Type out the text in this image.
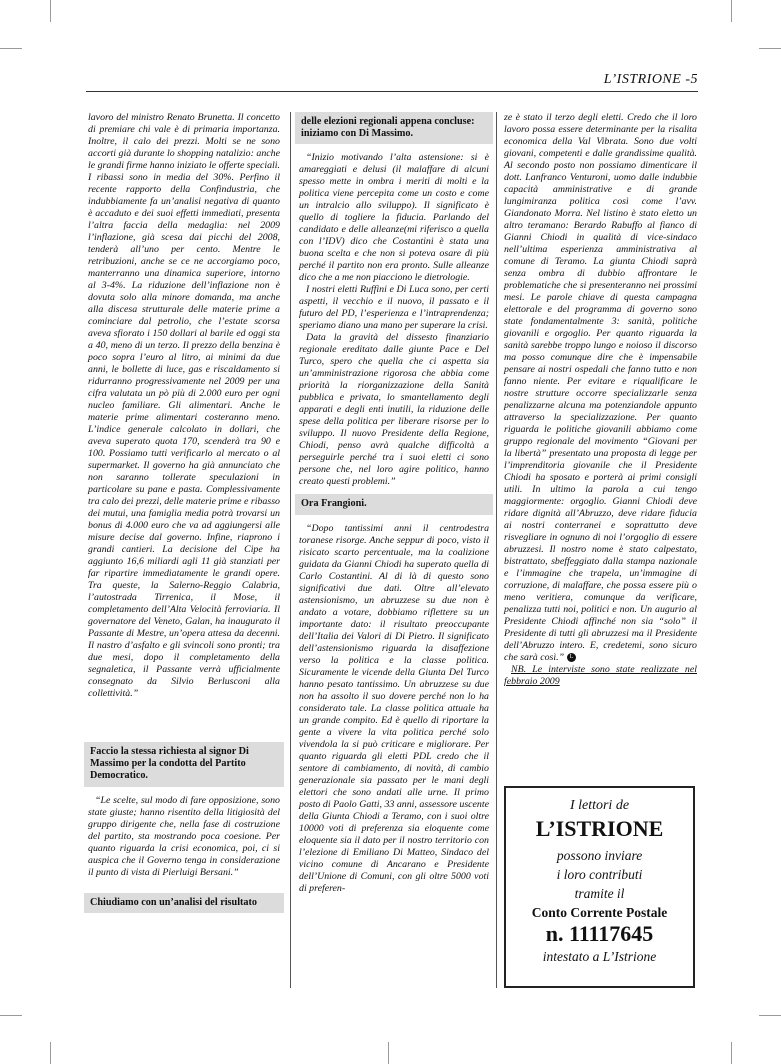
L’ISTRIONE -5

lavoro del ministro Renato Brunetta. Il concetto di premiare chi vale è di primaria importanza. Inoltre, il calo dei prezzi. Molti se ne sono accorti già durante lo shopping natalizio: anche le grandi firme hanno iniziato le offerte speciali. I ribassi sono in media del 30%. Perfino il recente rapporto della Confindustria, che indubbiamente fa un’analisi negativa di quanto è accaduto e dei suoi effetti immediati, presenta l’altra faccia della medaglia: nel 2009 l’inflazione, già scesa dai picchi del 2008, tenderà all’uno per cento. Mentre le retribuzioni, anche se ce ne accorgiamo poco, manterranno una dinamica superiore, intorno al 3-4%. La riduzione dell’inflazione non è dovuta solo alla minore domanda, ma anche alla discesa strutturale delle materie prime a cominciare dal petrolio, che l’estate scorsa aveva sfiorato i 150 dollari al barile ed oggi sta a 40, meno di un terzo. Il prezzo della benzina è poco sopra l’euro al litro, ai minimi da due anni, le bollette di luce, gas e riscaldamento si ridurranno progressivamente nel 2009 per una cifra valutata un pò più di 2.000 euro per ogni nucleo familiare. Gli alimentari. Anche le materie prime alimentari costeranno meno. L’indice generale calcolato in dollari, che aveva superato quota 170, scenderà tra 90 e 100. Possiamo tutti verificarlo al mercato o al supermarket. Il governo ha già annunciato che non saranno tollerate speculazioni in particolare su pane e pasta. Complessivamente tra calo dei prezzi, delle materie prime e ribasso dei mutui, una famiglia media potrà trovarsi un bonus di 4.000 euro che va ad aggiungersi alle misure decise dal governo. Infine, riaprono i grandi cantieri. La decisione del Cipe ha aggiunto 16,6 miliardi agli 11 già stanziati per far ripartire immediatamente le grandi opere. Tra queste, la Salerno-Reggio Calabria, l’autostrada Tirrenica, il Mose, il completamento dell’Alta Velocità ferroviaria. Il governatore del Veneto, Galan, ha inaugurato il Passante di Mestre, un’opera attesa da decenni. Il nastro d’asfalto e gli svincoli sono pronti; tra due mesi, dopo il completamento della segnaletica, il Passante verrà ufficialmente consegnato da Silvio Berlusconi alla collettività.”

Faccio la stessa richiesta al signor Di Massimo per la condotta del Partito Democratico.

“Le scelte, sul modo di fare opposizione, sono state giuste; hanno risentito della litigiosità del gruppo dirigente che, nella fase di costruzione del partito, sta mostrando poca coesione. Per quanto riguarda la crisi economica, poi, ci si auspica che il Governo tenga in considerazione il punto di vista di Pierluigi Bersani.”

Chiudiamo con un’analisi del risultato
delle elezioni regionali appena concluse: iniziamo con Di Massimo.

“Inizio motivando l’alta astensione: si è amareggiati e delusi (il malaffare di alcuni spesso mette in ombra i meriti di molti e la politica viene percepita come un costo e come un intralcio allo sviluppo). Il significato è quello di togliere la fiducia. Parlando del candidato e delle alleanze(mi riferisco a quella con l’IDV) dico che Costantini è stata una buona scelta e che non si poteva osare di più perché il partito non era pronto. Sulle alleanze dico che a me non piacciono le dietrologie.

I nostri eletti Ruffini e Di Luca sono, per certi aspetti, il vecchio e il nuovo, il passato e il futuro del PD, l’esperienza e l’intraprendenza; speriamo diano una mano per superare la crisi.

Data la gravità del dissesto finanziario regionale ereditato dalle giunte Pace e Del Turco, spero che quella che ci aspetta sia un’amministrazione rigorosa che abbia come priorità la riorganizzazione della Sanità pubblica e privata, lo smantellamento degli apparati e degli enti inutili, la riduzione delle spese della politica per liberare risorse per lo sviluppo. Il nuovo Presidente della Regione, Chiodi, penso avrà qualche difficoltà a perseguirle perché tra i suoi eletti ci sono persone che, nel loro agire politico, hanno creato questi problemi.”

Ora Frangioni.

“Dopo tantissimi anni il centrodestra toranese risorge. Anche seppur di poco, visto il risicato scarto percentuale, ma la coalizione guidata da Gianni Chiodi ha superato quella di Carlo Costantini. Al di là di questo sono significativi due dati. Oltre all’elevato astensionismo, un abruzzese su due non è andato a votare, dobbiamo riflettere su un importante dato: il risultato preoccupante dell’Italia dei Valori di Di Pietro. Il significato dell’astensionismo riguarda la disaffezione verso la politica e la classe politica. Sicuramente le vicende della Giunta Del Turco hanno pesato tantissimo. Un abruzzese su due non ha assolto il suo dovere perché non lo ha considerato tale. La classe politica attuale ha un grande compito. Ed è quello di riportare la gente a vivere la vita politica perché solo vivendola la si può criticare e migliorare. Per quanto riguarda gli eletti PDL credo che il sentore di cambiamento, di novità, di cambio generazionale sia passato per le mani degli elettori che sono andati alle urne. Il primo posto di Paolo Gatti, 33 anni, assessore uscente della Giunta Chiodi a Teramo, con i suoi oltre 10000 voti di preferenza sia eloquente come eloquente sia il dato per il nostro territorio con l’elezione di Emiliano Di Matteo, Sindaco del vicino comune di Ancarano e Presidente dell’Unione di Comuni, con gli oltre 5000 voti di preferen-

ze è stato il terzo degli eletti. Credo che il loro lavoro possa essere determinante per la risalita economica della Val Vibrata. Sono due volti giovani, competenti e dalle grandissime qualità. Al secondo posto non possiamo dimenticare il dott. Lanfranco Venturoni, uomo dalle indubbie capacità amministrative e di grande lungimiranza politica così come l’avv. Giandonato Morra. Nel listino è stato eletto un altro teramano: Berardo Rabuffo al fianco di Gianni Chiodi in qualità di vice-sindaco nell’ultima esperienza amministrativa al comune di Teramo. La giunta Chiodi saprà senza ombra di dubbio affrontare le problematiche che si presenteranno nei prossimi mesi. Le parole chiave di questa campagna elettorale e del programma di governo sono state fondamentalmente 3: sanità, politiche giovanili e orgoglio. Per quanto riguarda la sanità sarebbe troppo lungo e noioso il discorso ma posso comunque dire che è impensabile pensare ai nostri ospedali che fanno tutto e non fanno niente. Per evitare e riqualificare le nostre strutture occorre specializzarle senza penalizzarne alcuna ma potenziandole appunto attraverso la specializzazione. Per quanto riguarda le politiche giovanili abbiamo come gruppo regionale del movimento “Giovani per la libertà” presentato una proposta di legge per l’imprenditoria giovanile che il Presidente Chiodi ha sposato e porterà ai primi consigli utili. In ultimo la parola a cui tengo maggiormente: orgoglio. Gianni Chiodi deve ridare dignità all’Abruzzo, deve ridare fiducia ai nostri conterranei e soprattutto deve risvegliare in ognuno di noi l’orgoglio di essere abruzzesi. Il nostro nome è stato calpestato, bistrattato, sbeffeggiato dalla stampa nazionale e l’immagine che trapela, un’immagine di corruzione, di malaffare, che possa essere più o meno veritiera, comunque da verificare, penalizza tutti noi, politici e non. Un augurio al Presidente Chiodi affinché non sia “solo” il Presidente di tutti gli abruzzesi ma il Presidente dell’Abruzzo intero. E, credetemi, sono sicuro che sarà così.” L

NB. Le interviste sono state realizzate nel febbraio 2009

I lettori de
L’ISTRIONE
possono inviare
i loro contributi
tramite il
Conto Corrente Postale
n. 11117645
intestato a L’Istrione
